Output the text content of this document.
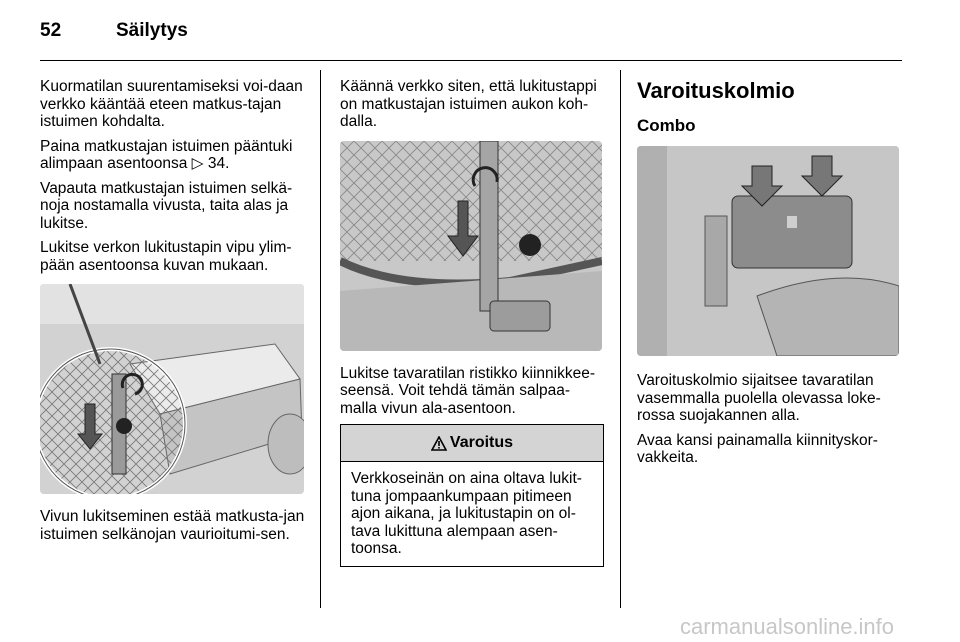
52	Säilytys

Kuormatilan suurentamiseksi voi-daan verkko kääntää eteen matkus-tajan istuimen kohdalta.

Paina matkustajan istuimen pääntuki alimpaan asentoonsa ▷ 34.

Vapauta matkustajan istuimen selkä-noja nostamalla vivusta, taita alas ja lukitse.

Lukitse verkon lukitustapin vipu ylim-pään asentoonsa kuvan mukaan.

Vivun lukitseminen estää matkusta-jan istuimen selkänojan vaurioitumi-sen.

Käännä verkko siten, että lukitustappi on matkustajan istuimen aukon koh-dalla.

Lukitse tavaratilan ristikko kiinnikkee-seensä. Voit tehdä tämän salpaa-malla vivun ala-asentoon.

Varoitus
Verkkoseinän on aina oltava lukit-tuna jompaankumpaan pitimeen ajon aikana, ja lukitustapin on ol-tava lukittuna alempaan asen-toonsa.
Varoituskolmio
Combo

Varoituskolmio sijaitsee tavaratilan vasemmalla puolella olevassa loke-rossa suojakannen alla.

Avaa kansi painamalla kiinnityskor-vakkeita.

carmanualsonline.info
